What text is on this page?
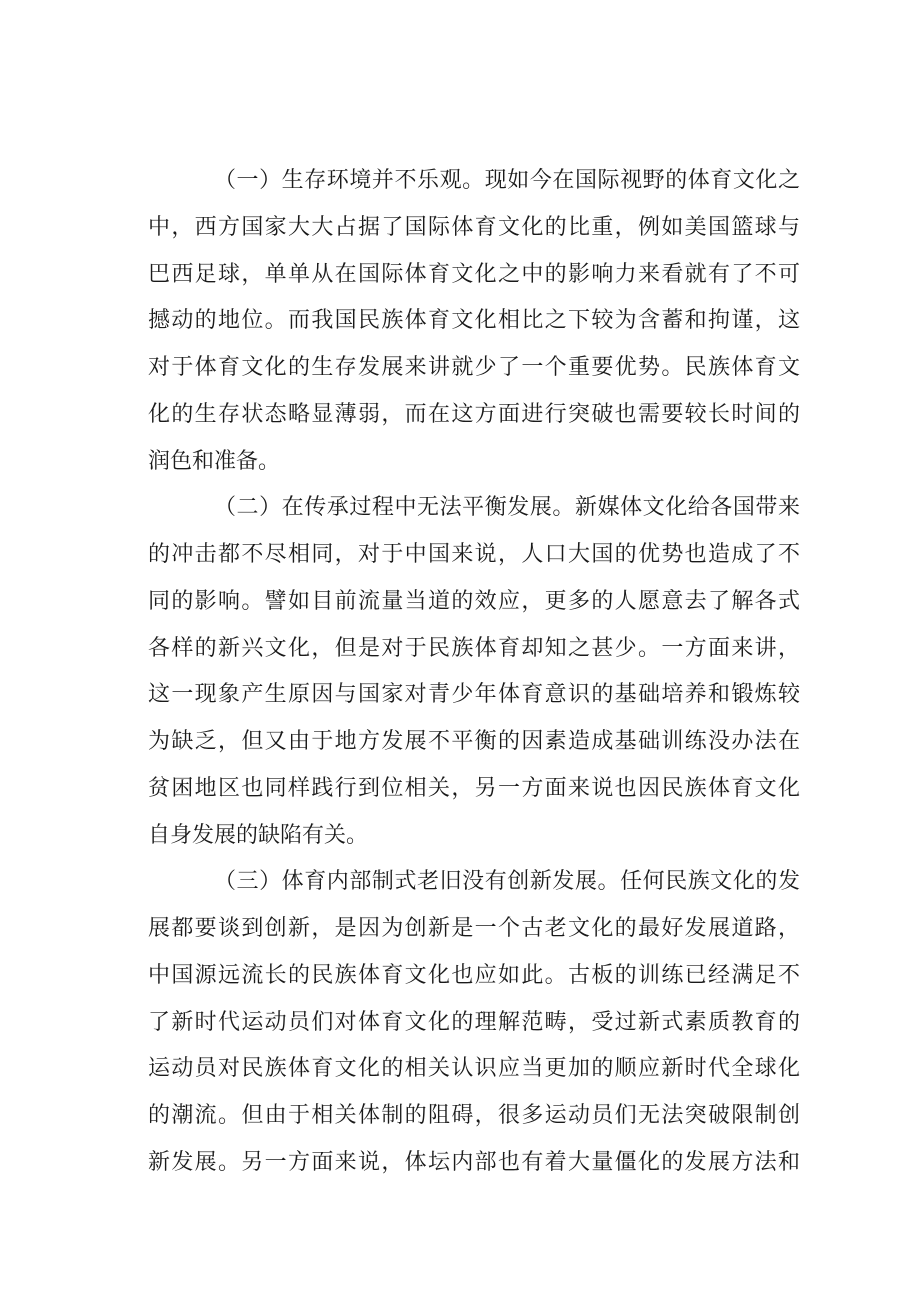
（一）生存环境并不乐观。现如今在国际视野的体育文化之
中，西方国家大大占据了国际体育文化的比重，例如美国篮球与
巴西足球，单单从在国际体育文化之中的影响力来看就有了不可
撼动的地位。而我国民族体育文化相比之下较为含蓄和拘谨，这
对于体育文化的生存发展来讲就少了一个重要优势。民族体育文
化的生存状态略显薄弱，而在这方面进行突破也需要较长时间的
润色和准备。
（二）在传承过程中无法平衡发展。新媒体文化给各国带来
的冲击都不尽相同，对于中国来说，人口大国的优势也造成了不
同的影响。譬如目前流量当道的效应，更多的人愿意去了解各式
各样的新兴文化，但是对于民族体育却知之甚少。一方面来讲，
这一现象产生原因与国家对青少年体育意识的基础培养和锻炼较
为缺乏，但又由于地方发展不平衡的因素造成基础训练没办法在
贫困地区也同样践行到位相关，另一方面来说也因民族体育文化
自身发展的缺陷有关。
（三）体育内部制式老旧没有创新发展。任何民族文化的发
展都要谈到创新，是因为创新是一个古老文化的最好发展道路，
中国源远流长的民族体育文化也应如此。古板的训练已经满足不
了新时代运动员们对体育文化的理解范畴，受过新式素质教育的
运动员对民族体育文化的相关认识应当更加的顺应新时代全球化
的潮流。但由于相关体制的阻碍，很多运动员们无法突破限制创
新发展。另一方面来说，体坛内部也有着大量僵化的发展方法和
